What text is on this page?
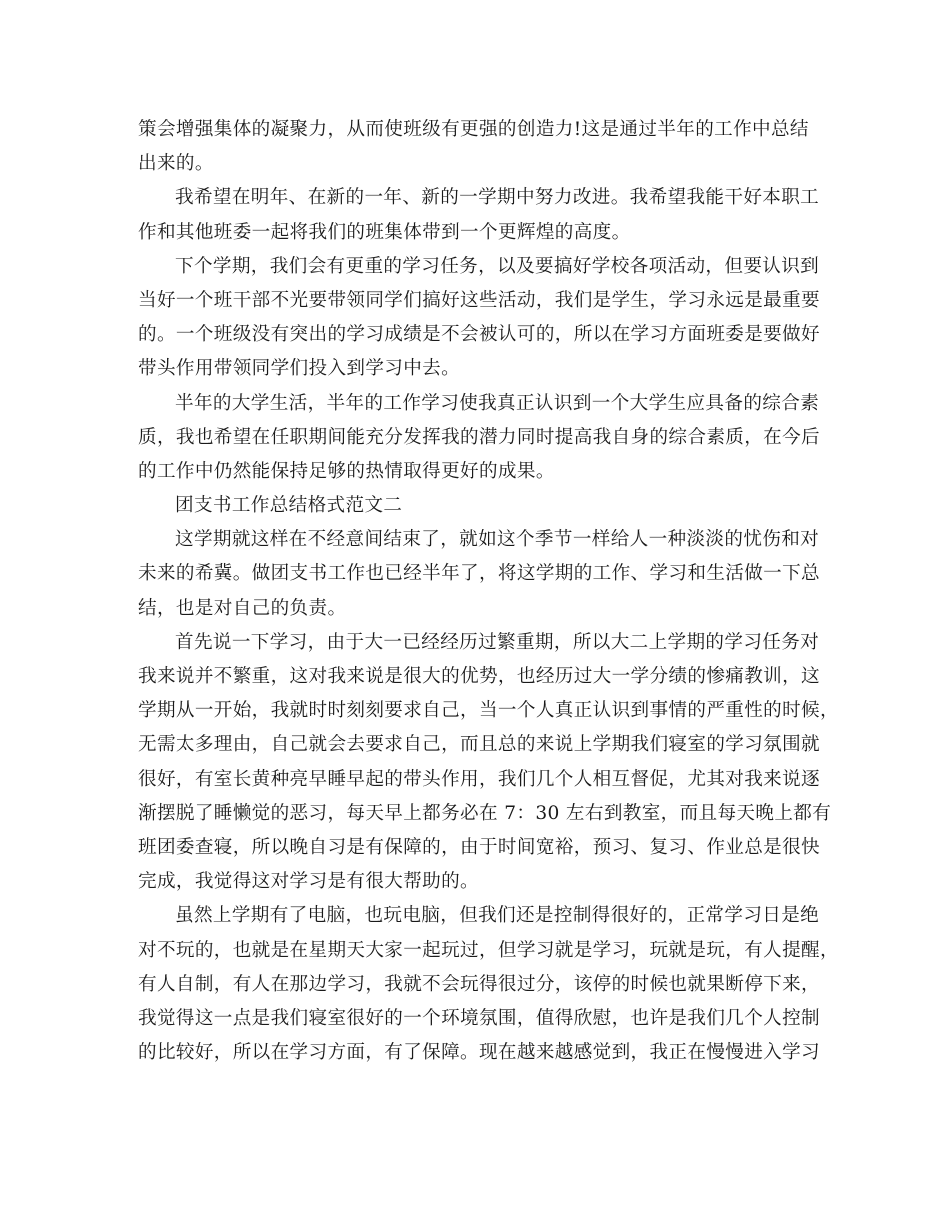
策会增强集体的凝聚力，从而使班级有更强的创造力!这是通过半年的工作中总结
出来的。
我希望在明年、在新的一年、新的一学期中努力改进。我希望我能干好本职工
作和其他班委一起将我们的班集体带到一个更辉煌的高度。
下个学期，我们会有更重的学习任务，以及要搞好学校各项活动，但要认识到
当好一个班干部不光要带领同学们搞好这些活动，我们是学生，学习永远是最重要
的。一个班级没有突出的学习成绩是不会被认可的，所以在学习方面班委是要做好
带头作用带领同学们投入到学习中去。
半年的大学生活，半年的工作学习使我真正认识到一个大学生应具备的综合素
质，我也希望在任职期间能充分发挥我的潜力同时提高我自身的综合素质，在今后
的工作中仍然能保持足够的热情取得更好的成果。
团支书工作总结格式范文二
这学期就这样在不经意间结束了，就如这个季节一样给人一种淡淡的忧伤和对
未来的希冀。做团支书工作也已经半年了，将这学期的工作、学习和生活做一下总
结，也是对自己的负责。
首先说一下学习，由于大一已经经历过繁重期，所以大二上学期的学习任务对
我来说并不繁重，这对我来说是很大的优势，也经历过大一学分绩的惨痛教训，这
学期从一开始，我就时时刻刻要求自己，当一个人真正认识到事情的严重性的时候，
无需太多理由，自己就会去要求自己，而且总的来说上学期我们寝室的学习氛围就
很好，有室长黄种亮早睡早起的带头作用，我们几个人相互督促，尤其对我来说逐
渐摆脱了睡懒觉的恶习，每天早上都务必在 7：30 左右到教室，而且每天晚上都有
班团委查寝，所以晚自习是有保障的，由于时间宽裕，预习、复习、作业总是很快
完成，我觉得这对学习是有很大帮助的。
虽然上学期有了电脑，也玩电脑，但我们还是控制得很好的，正常学习日是绝
对不玩的，也就是在星期天大家一起玩过，但学习就是学习，玩就是玩，有人提醒，
有人自制，有人在那边学习，我就不会玩得很过分，该停的时候也就果断停下来，
我觉得这一点是我们寝室很好的一个环境氛围，值得欣慰，也许是我们几个人控制
的比较好，所以在学习方面，有了保障。现在越来越感觉到，我正在慢慢进入学习
